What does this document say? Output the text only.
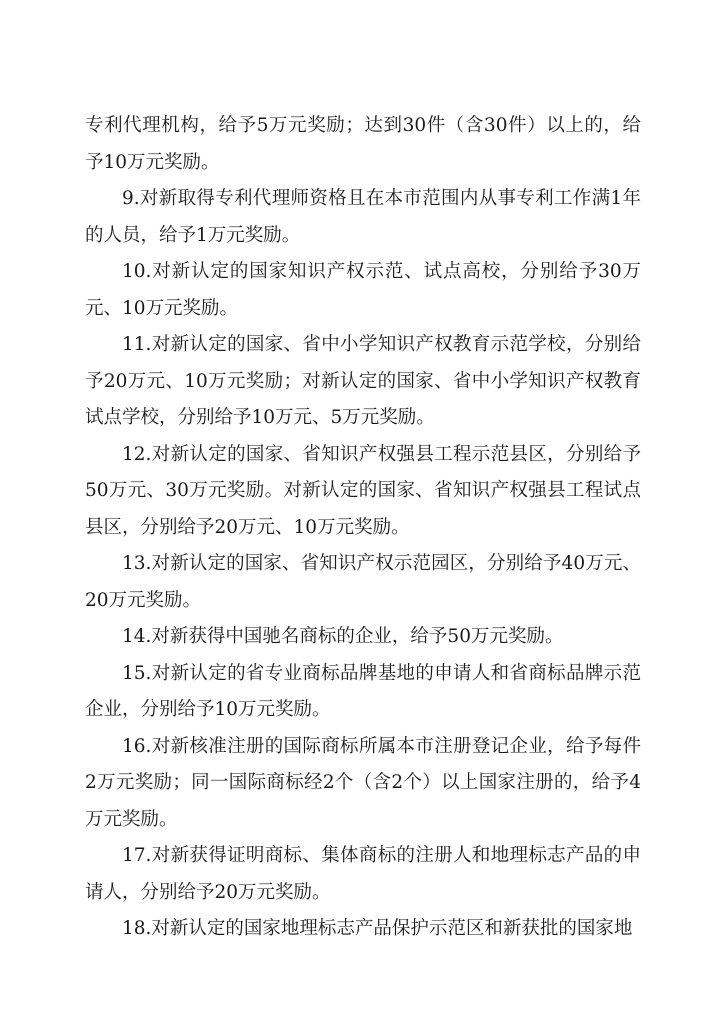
专利代理机构，给予5万元奖励；达到30件（含30件）以上的，给予10万元奖励。

9.对新取得专利代理师资格且在本市范围内从事专利工作满1年的人员，给予1万元奖励。

10.对新认定的国家知识产权示范、试点高校，分别给予30万元、10万元奖励。

11.对新认定的国家、省中小学知识产权教育示范学校，分别给予20万元、10万元奖励；对新认定的国家、省中小学知识产权教育试点学校，分别给予10万元、5万元奖励。

12.对新认定的国家、省知识产权强县工程示范县区，分别给予50万元、30万元奖励。对新认定的国家、省知识产权强县工程试点县区，分别给予20万元、10万元奖励。

13.对新认定的国家、省知识产权示范园区，分别给予40万元、20万元奖励。

14.对新获得中国驰名商标的企业，给予50万元奖励。

15.对新认定的省专业商标品牌基地的申请人和省商标品牌示范企业，分别给予10万元奖励。

16.对新核准注册的国际商标所属本市注册登记企业，给予每件2万元奖励；同一国际商标经2个（含2个）以上国家注册的，给予4万元奖励。

17.对新获得证明商标、集体商标的注册人和地理标志产品的申请人，分别给予20万元奖励。

18.对新认定的国家地理标志产品保护示范区和新获批的国家地
